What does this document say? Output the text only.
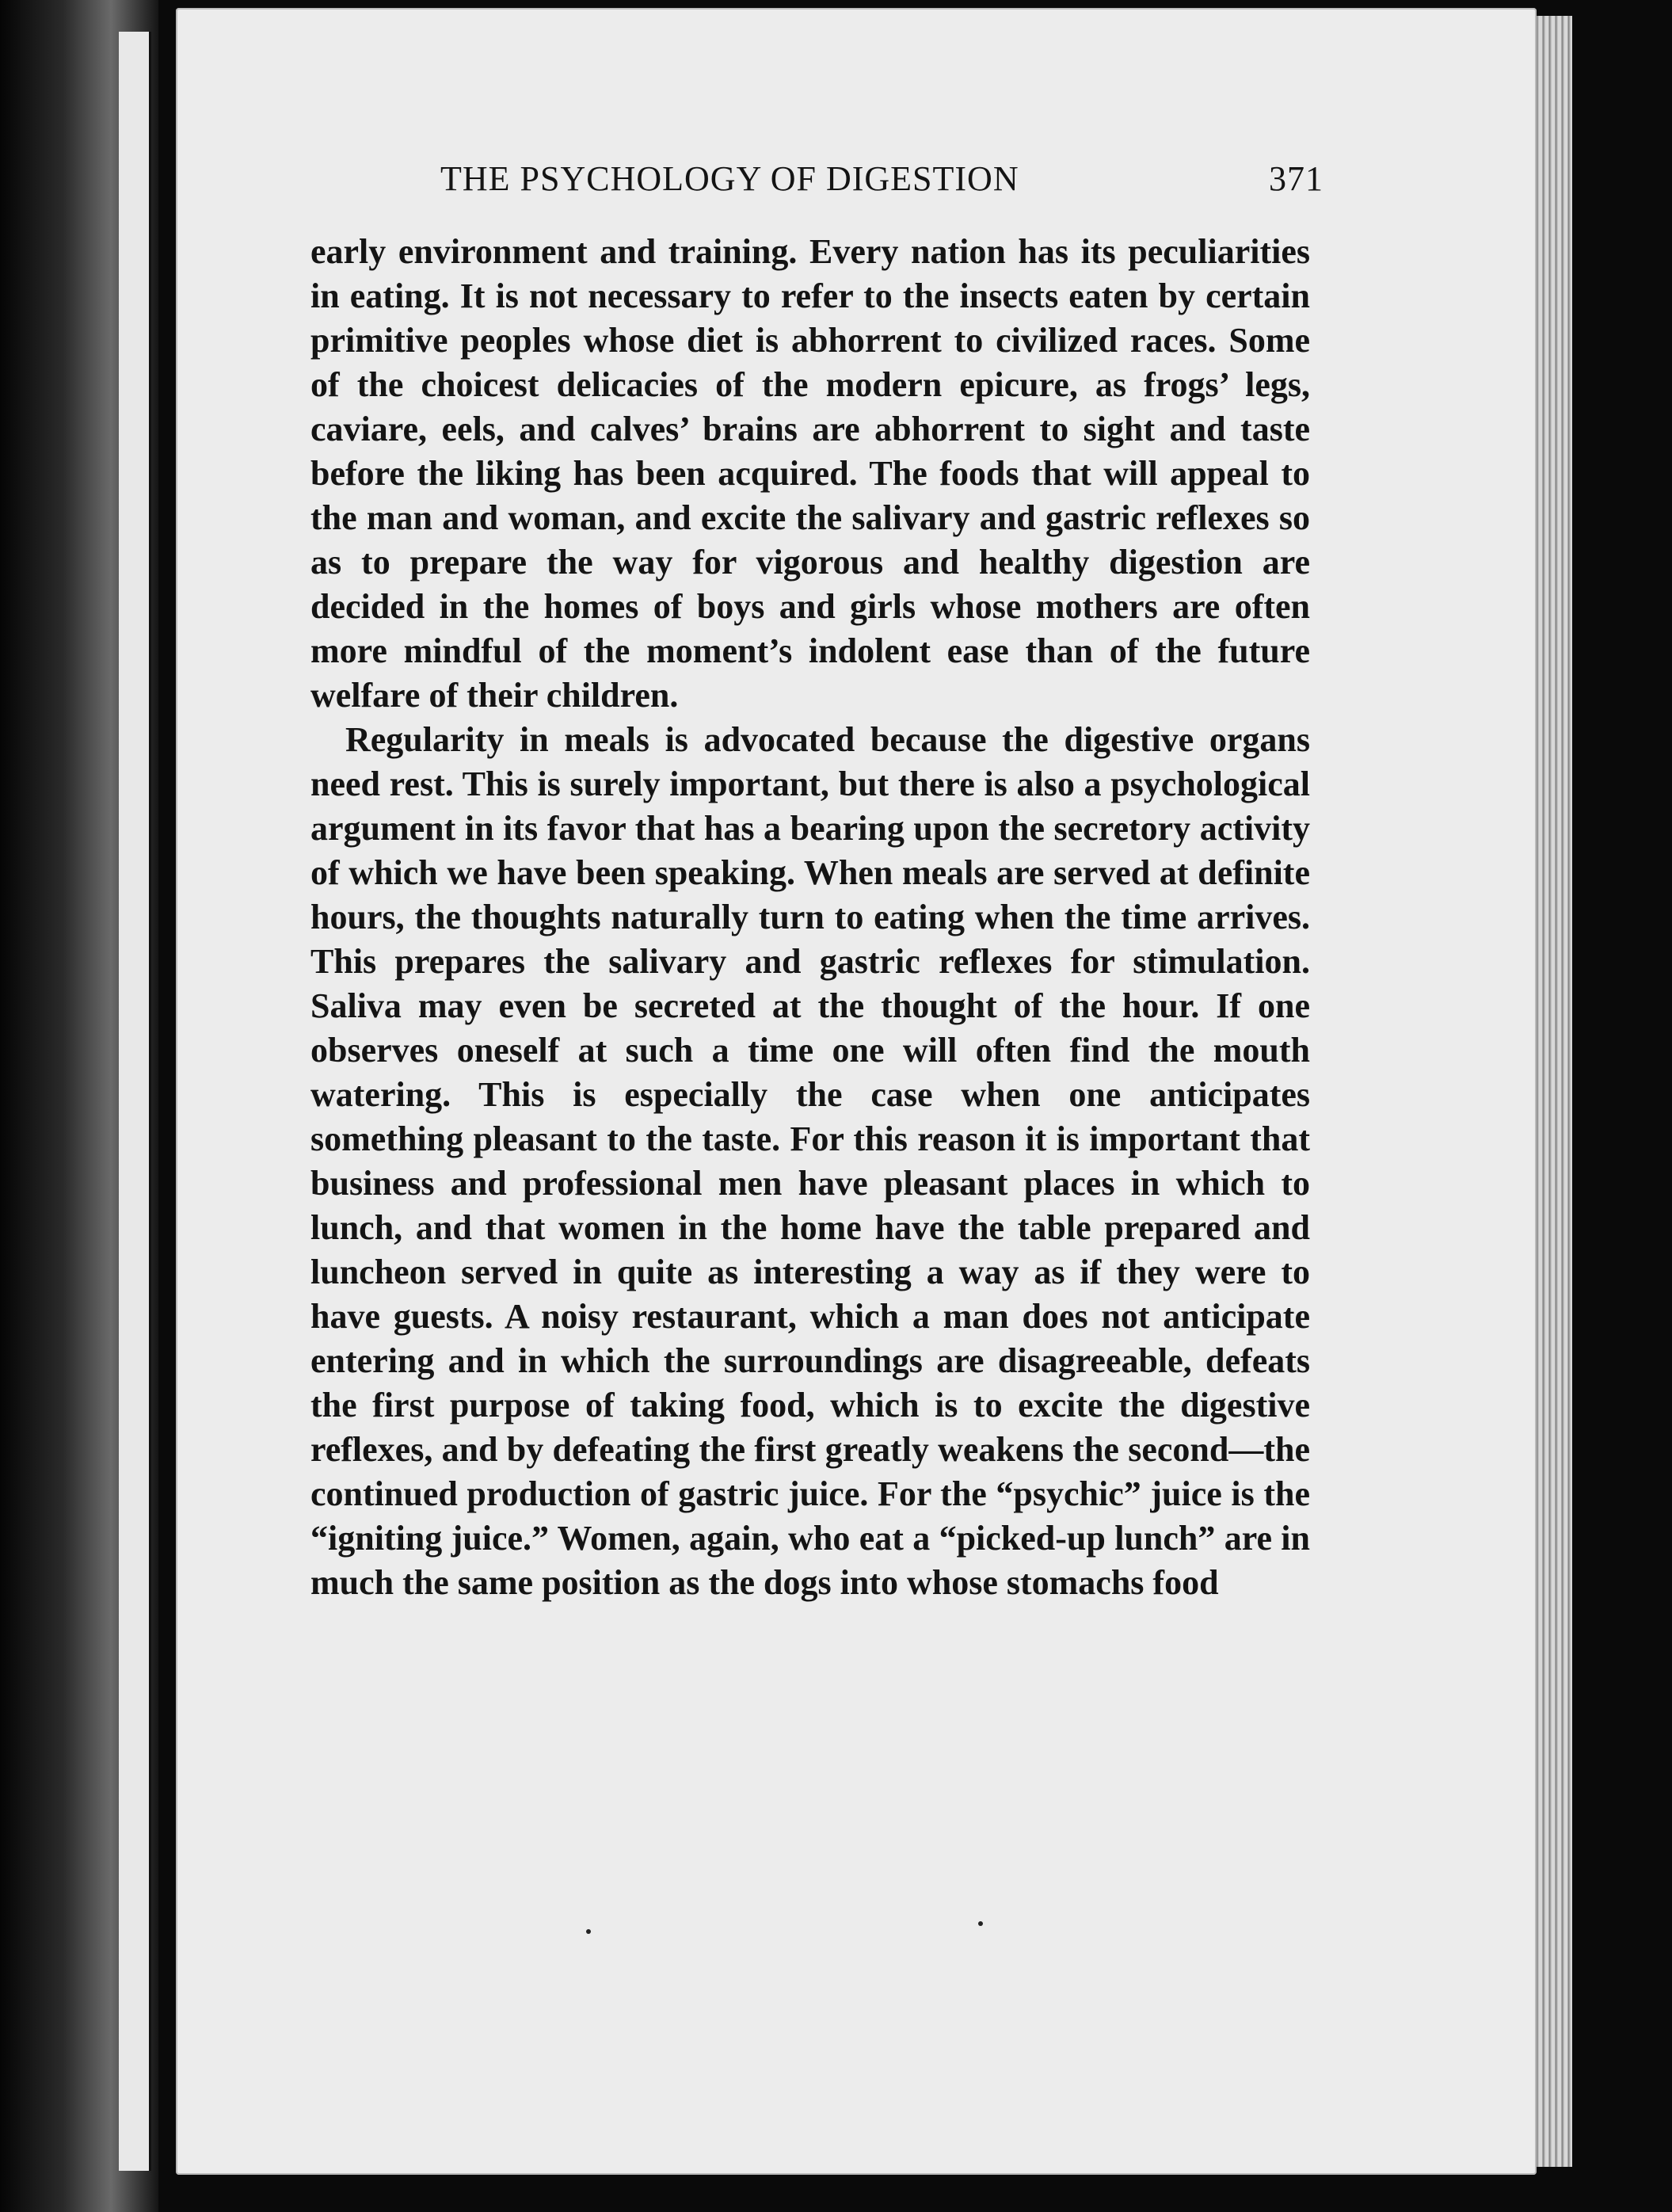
THE PSYCHOLOGY OF DIGESTION	371

early environment and training. Every nation has its peculiarities in eating. It is not necessary to refer to the insects eaten by certain primitive peoples whose diet is abhorrent to civilized races. Some of the choicest delicacies of the modern epicure, as frogs’ legs, caviare, eels, and calves’ brains are abhorrent to sight and taste before the liking has been acquired. The foods that will appeal to the man and woman, and excite the salivary and gastric reflexes so as to prepare the way for vigorous and healthy digestion are decided in the homes of boys and girls whose mothers are often more mindful of the moment’s indolent ease than of the future welfare of their children.

Regularity in meals is advocated because the digestive organs need rest. This is surely important, but there is also a psychological argument in its favor that has a bearing upon the secretory activity of which we have been speaking. When meals are served at definite hours, the thoughts naturally turn to eating when the time arrives. This prepares the salivary and gastric reflexes for stimulation. Saliva may even be secreted at the thought of the hour. If one observes oneself at such a time one will often find the mouth watering. This is especially the case when one anticipates something pleasant to the taste. For this reason it is important that business and professional men have pleasant places in which to lunch, and that women in the home have the table prepared and luncheon served in quite as interesting a way as if they were to have guests. A noisy restaurant, which a man does not anticipate entering and in which the surroundings are disagreeable, defeats the first purpose of taking food, which is to excite the digestive reflexes, and by defeating the first greatly weakens the second—the continued production of gastric juice. For the “psychic” juice is the “igniting juice.” Women, again, who eat a “picked-up lunch” are in much the same position as the dogs into whose stomachs food
